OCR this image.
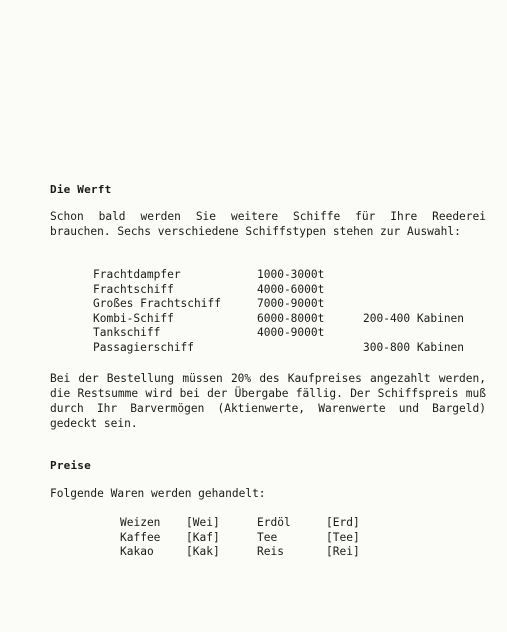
Die Werft
Schon bald werden Sie weitere Schiffe für Ihre Reederei brauchen. Sechs verschiedene Schiffstypen stehen zur Auswahl:
Frachtdampfer	1000-3000t	
Frachtschiff	4000-6000t	
Großes Frachtschiff	7000-9000t	
Kombi-Schiff	6000-8000t	200-400 Kabinen
Tankschiff	4000-9000t	
Passagierschiff		300-800 Kabinen
Bei der Bestellung müssen 20% des Kaufpreises angezahlt werden, die Restsumme wird bei der Übergabe fällig. Der Schiffspreis muß durch Ihr Barvermögen (Aktienwerte, Warenwerte und Bargeld) gedeckt sein.
Preise
Folgende Waren werden gehandelt:
Weizen	[Wei]	Erdöl	[Erd]
Kaffee	[Kaf]	Tee	[Tee]
Kakao	[Kak]	Reis	[Rei]
